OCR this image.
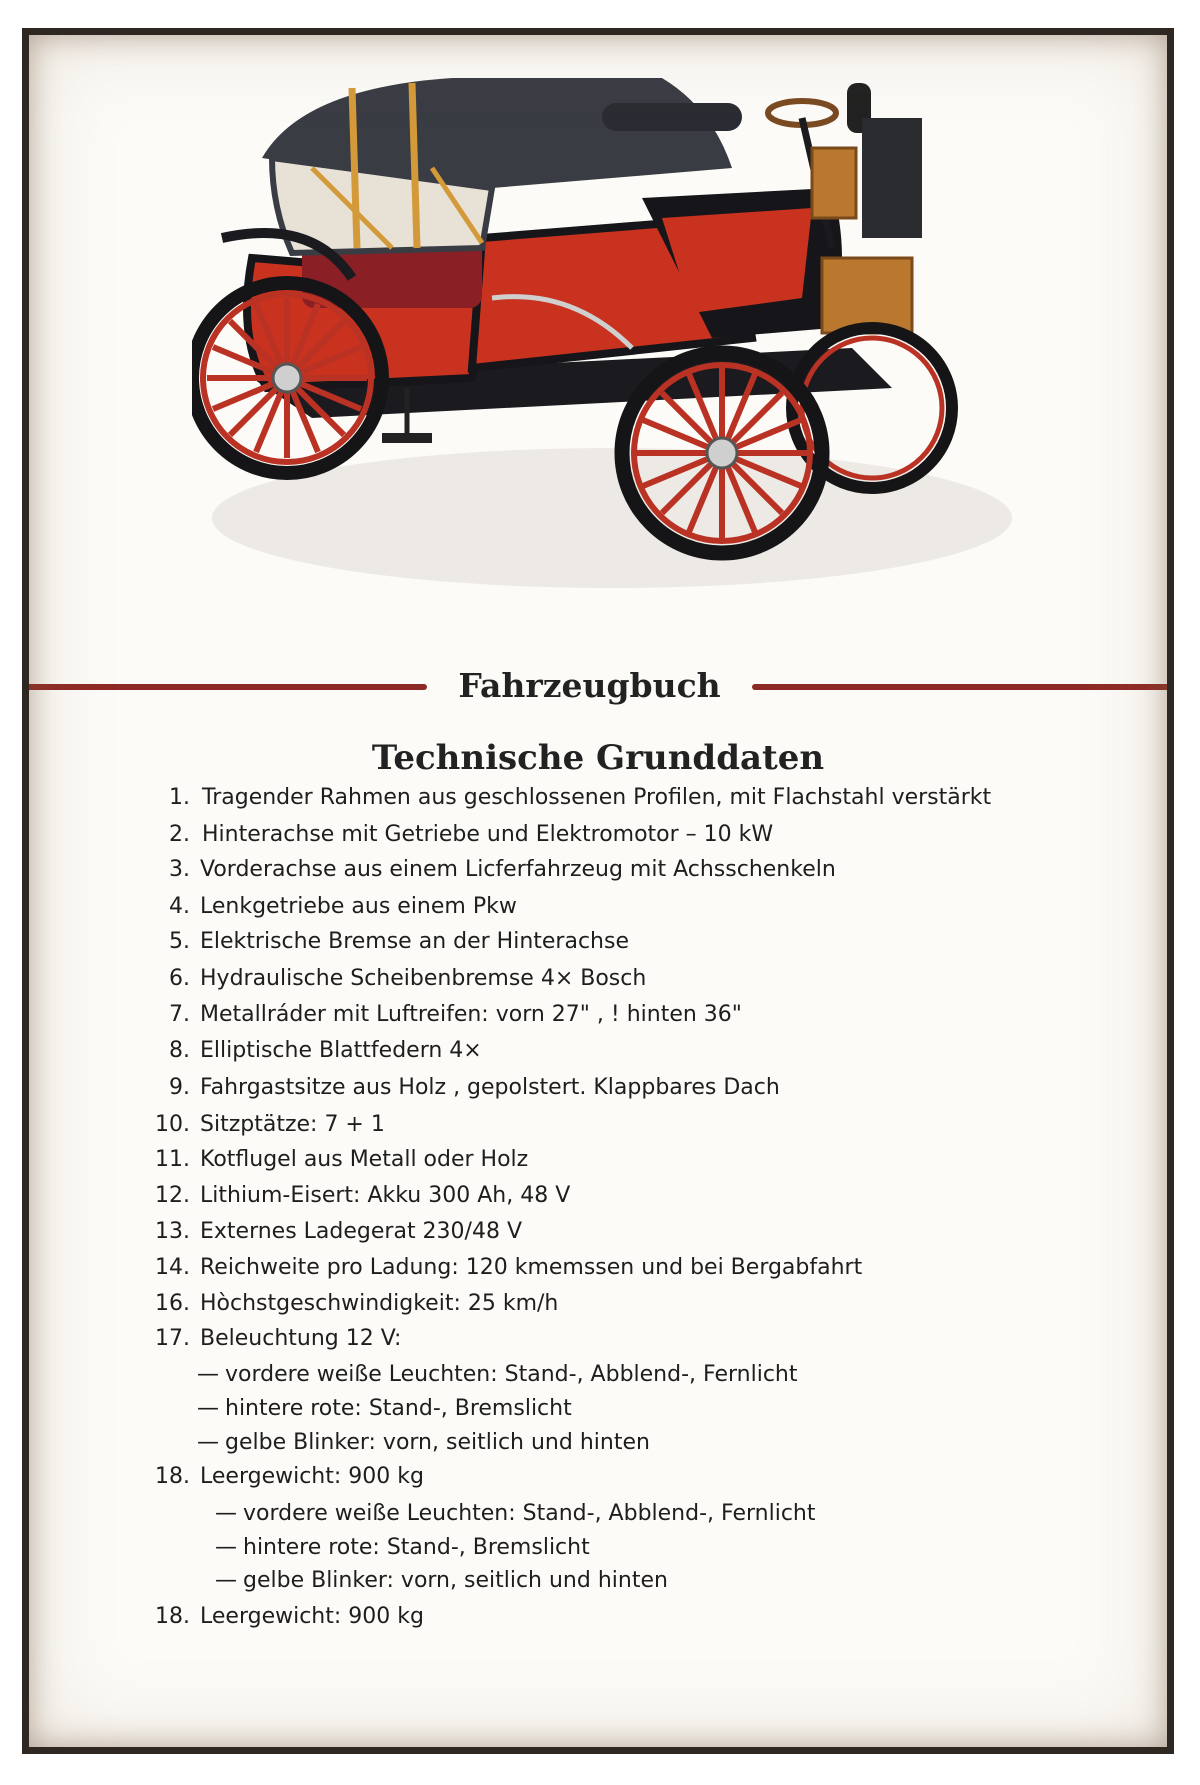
Fahrzeugbuch
Technische Grunddaten
1. Tragender Rahmen aus geschlossenen Profilen, mit Flachstahl verstärkt
2. Hinterachse mit Getriebe und Elektromotor – 10 kW
3. Vorderachse aus einem Licferfahrzeug mit Achsschenkeln
4. Lenkgetriebe aus einem Pkw
5. Elektrische Bremse an der Hinterachse
6. Hydraulische Scheibenbremse 4× Bosch
7. Metallráder mit Luftreifen: vorn 27" , ! hinten 36"
8. Elliptische Blattfedern 4×
9. Fahrgastsitze aus Holz , gepolstert. Klappbares Dach
10. Sitzptätze: 7 + 1
11. Kotflugel aus Metall oder Holz
12. Lithium-Eisert: Akku 300 Ah, 48 V
13. Externes Ladegerat 230/48 V
14. Reichweite pro Ladung: 120 kmemssen und bei Bergabfahrt
16. Hòchstgeschwindigkeit: 25 km/h
17. Beleuchtung 12 V:
— vordere weiße Leuchten: Stand-, Abblend-, Fernlicht
— hintere rote: Stand-, Bremslicht
— gelbe Blinker: vorn, seitlich und hinten
18. Leergewicht: 900 kg
— vordere weiße Leuchten: Stand-, Abblend-, Fernlicht
— hintere rote: Stand-, Bremslicht
— gelbe Blinker: vorn, seitlich und hinten
18. Leergewicht: 900 kg
